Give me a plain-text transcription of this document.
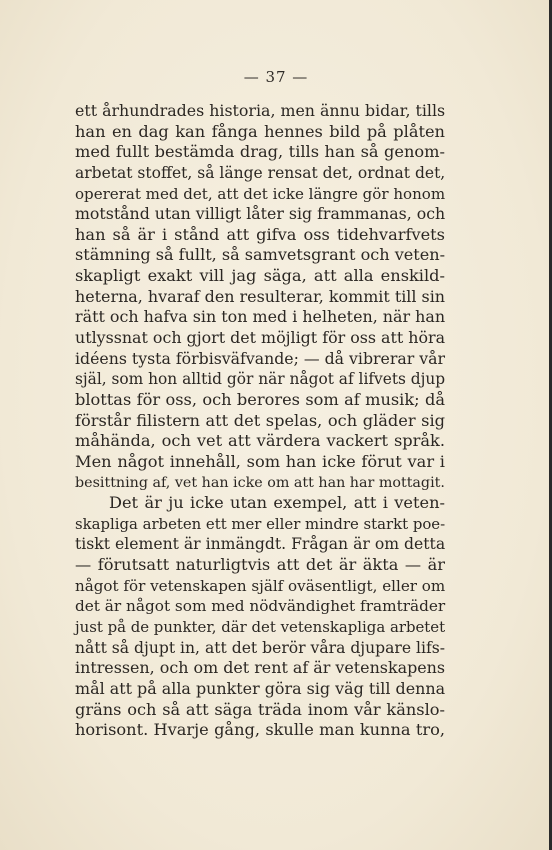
— 37 —
ett århundrades historia, men ännu bidar, tills
han en dag kan fånga hennes bild på plåten
med fullt bestämda drag, tills han så genom-
arbetat stoffet, så länge rensat det, ordnat det,
opererat med det, att det icke längre gör honom
motstånd utan villigt låter sig frammanas, och
han så är i stånd att gifva oss tidehvarfvets
stämning så fullt, så samvetsgrant och veten-
skapligt exakt vill jag säga, att alla enskild-
heterna, hvaraf den resulterar, kommit till sin
rätt och hafva sin ton med i helheten, när han
utlyssnat och gjort det möjligt för oss att höra
idéens tysta förbisväfvande; — då vibrerar vår
själ, som hon alltid gör när något af lifvets djup
blottas för oss, och berores som af musik; då
förstår filistern att det spelas, och gläder sig
måhända, och vet att värdera vackert språk.
Men något innehåll, som han icke förut var i
besittning af, vet han icke om att han har mottagit.
Det är ju icke utan exempel, att i veten-
skapliga arbeten ett mer eller mindre starkt poe-
tiskt element är inmängdt. Frågan är om detta
— förutsatt naturligtvis att det är äkta — är
något för vetenskapen själf oväsentligt, eller om
det är något som med nödvändighet framträder
just på de punkter, där det vetenskapliga arbetet
nått så djupt in, att det berör våra djupare lifs-
intressen, och om det rent af är vetenskapens
mål att på alla punkter göra sig väg till denna
gräns och så att säga träda inom vår känslo-
horisont. Hvarje gång, skulle man kunna tro,
